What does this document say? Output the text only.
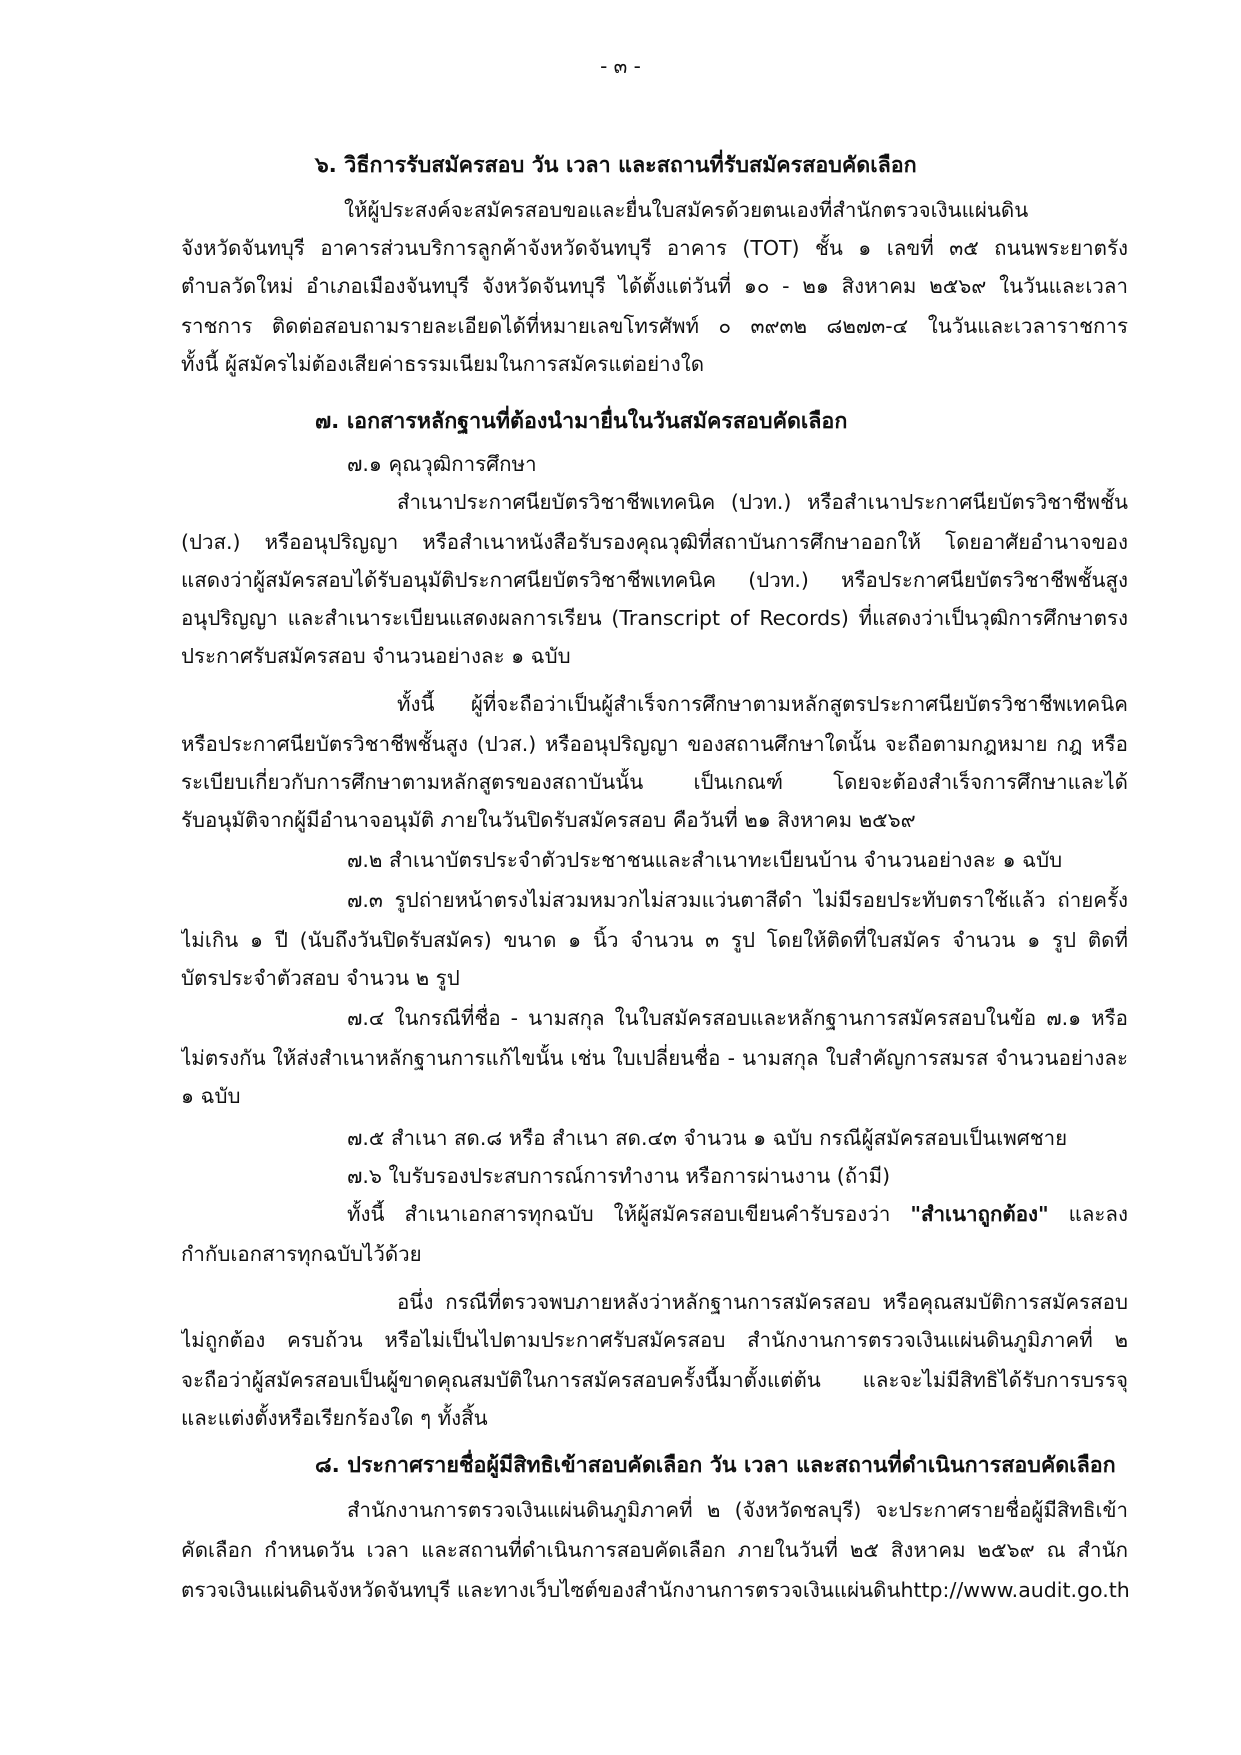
- ๓ -
๖. วิธีการรับสมัครสอบ วัน เวลา และสถานที่รับสมัครสอบคัดเลือก
ให้ผู้ประสงค์จะสมัครสอบขอและยื่นใบสมัครด้วยตนเองที่สำนักตรวจเงินแผ่นดิน
จังหวัดจันทบุรี อาคารส่วนบริการลูกค้าจังหวัดจันทบุรี อาคาร (TOT) ชั้น ๑ เลขที่ ๓๕ ถนนพระยาตรัง
ตำบลวัดใหม่ อำเภอเมืองจันทบุรี จังหวัดจันทบุรี ได้ตั้งแต่วันที่ ๑๐ - ๒๑ สิงหาคม ๒๕๖๙ ในวันและเวลา
ราชการ ติดต่อสอบถามรายละเอียดได้ที่หมายเลขโทรศัพท์ ๐ ๓๙๓๒ ๘๒๗๓-๔ ในวันและเวลาราชการ
ทั้งนี้ ผู้สมัครไม่ต้องเสียค่าธรรมเนียมในการสมัครแต่อย่างใด
๗. เอกสารหลักฐานที่ต้องนำมายื่นในวันสมัครสอบคัดเลือก
๗.๑ คุณวุฒิการศึกษา
สำเนาประกาศนียบัตรวิชาชีพเทคนิค (ปวท.) หรือสำเนาประกาศนียบัตรวิชาชีพชั้น
(ปวส.) หรืออนุปริญญา หรือสำเนาหนังสือรับรองคุณวุฒิที่สถาบันการศึกษาออกให้ โดยอาศัยอำนาจของ
แสดงว่าผู้สมัครสอบได้รับอนุมัติประกาศนียบัตรวิชาชีพเทคนิค (ปวท.) หรือประกาศนียบัตรวิชาชีพชั้นสูง
อนุปริญญา และสำเนาระเบียนแสดงผลการเรียน (Transcript of Records) ที่แสดงว่าเป็นวุฒิการศึกษาตรง
ประกาศรับสมัครสอบ จำนวนอย่างละ ๑ ฉบับ
ทั้งนี้ ผู้ที่จะถือว่าเป็นผู้สำเร็จการศึกษาตามหลักสูตรประกาศนียบัตรวิชาชีพเทคนิค
หรือประกาศนียบัตรวิชาชีพชั้นสูง (ปวส.) หรืออนุปริญญา ของสถานศึกษาใดนั้น จะถือตามกฎหมาย กฎ หรือ
ระเบียบเกี่ยวกับการศึกษาตามหลักสูตรของสถาบันนั้น เป็นเกณฑ์ โดยจะต้องสำเร็จการศึกษาและได้
รับอนุมัติจากผู้มีอำนาจอนุมัติ ภายในวันปิดรับสมัครสอบ คือวันที่ ๒๑ สิงหาคม ๒๕๖๙
๗.๒ สำเนาบัตรประจำตัวประชาชนและสำเนาทะเบียนบ้าน จำนวนอย่างละ ๑ ฉบับ
๗.๓ รูปถ่ายหน้าตรงไม่สวมหมวกไม่สวมแว่นตาสีดำ ไม่มีรอยประทับตราใช้แล้ว ถ่ายครั้ง
ไม่เกิน ๑ ปี (นับถึงวันปิดรับสมัคร) ขนาด ๑ นิ้ว จำนวน ๓ รูป โดยให้ติดที่ใบสมัคร จำนวน ๑ รูป ติดที่
บัตรประจำตัวสอบ จำนวน ๒ รูป
๗.๔ ในกรณีที่ชื่อ - นามสกุล ในใบสมัครสอบและหลักฐานการสมัครสอบในข้อ ๗.๑ หรือ
ไม่ตรงกัน ให้ส่งสำเนาหลักฐานการแก้ไขนั้น เช่น ใบเปลี่ยนชื่อ - นามสกุล ใบสำคัญการสมรส จำนวนอย่างละ
๑ ฉบับ
๗.๕ สำเนา สด.๘ หรือ สำเนา สด.๔๓ จำนวน ๑ ฉบับ กรณีผู้สมัครสอบเป็นเพศชาย
๗.๖ ใบรับรองประสบการณ์การทำงาน หรือการผ่านงาน (ถ้ามี)
ทั้งนี้ สำเนาเอกสารทุกฉบับ ให้ผู้สมัครสอบเขียนคำรับรองว่า "สำเนาถูกต้อง" และลง
กำกับเอกสารทุกฉบับไว้ด้วย
อนึ่ง กรณีที่ตรวจพบภายหลังว่าหลักฐานการสมัครสอบ หรือคุณสมบัติการสมัครสอบ
ไม่ถูกต้อง ครบถ้วน หรือไม่เป็นไปตามประกาศรับสมัครสอบ สำนักงานการตรวจเงินแผ่นดินภูมิภาคที่ ๒
จะถือว่าผู้สมัครสอบเป็นผู้ขาดคุณสมบัติในการสมัครสอบครั้งนี้มาตั้งแต่ต้น และจะไม่มีสิทธิได้รับการบรรจุ
และแต่งตั้งหรือเรียกร้องใด ๆ ทั้งสิ้น
๘. ประกาศรายชื่อผู้มีสิทธิเข้าสอบคัดเลือก วัน เวลา และสถานที่ดำเนินการสอบคัดเลือก
สำนักงานการตรวจเงินแผ่นดินภูมิภาคที่ ๒ (จังหวัดชลบุรี) จะประกาศรายชื่อผู้มีสิทธิเข้า
คัดเลือก กำหนดวัน เวลา และสถานที่ดำเนินการสอบคัดเลือก ภายในวันที่ ๒๕ สิงหาคม ๒๕๖๙ ณ สำนัก
ตรวจเงินแผ่นดินจังหวัดจันทบุรี และทางเว็บไซต์ของสำนักงานการตรวจเงินแผ่นดินhttp://www.audit.go.th
